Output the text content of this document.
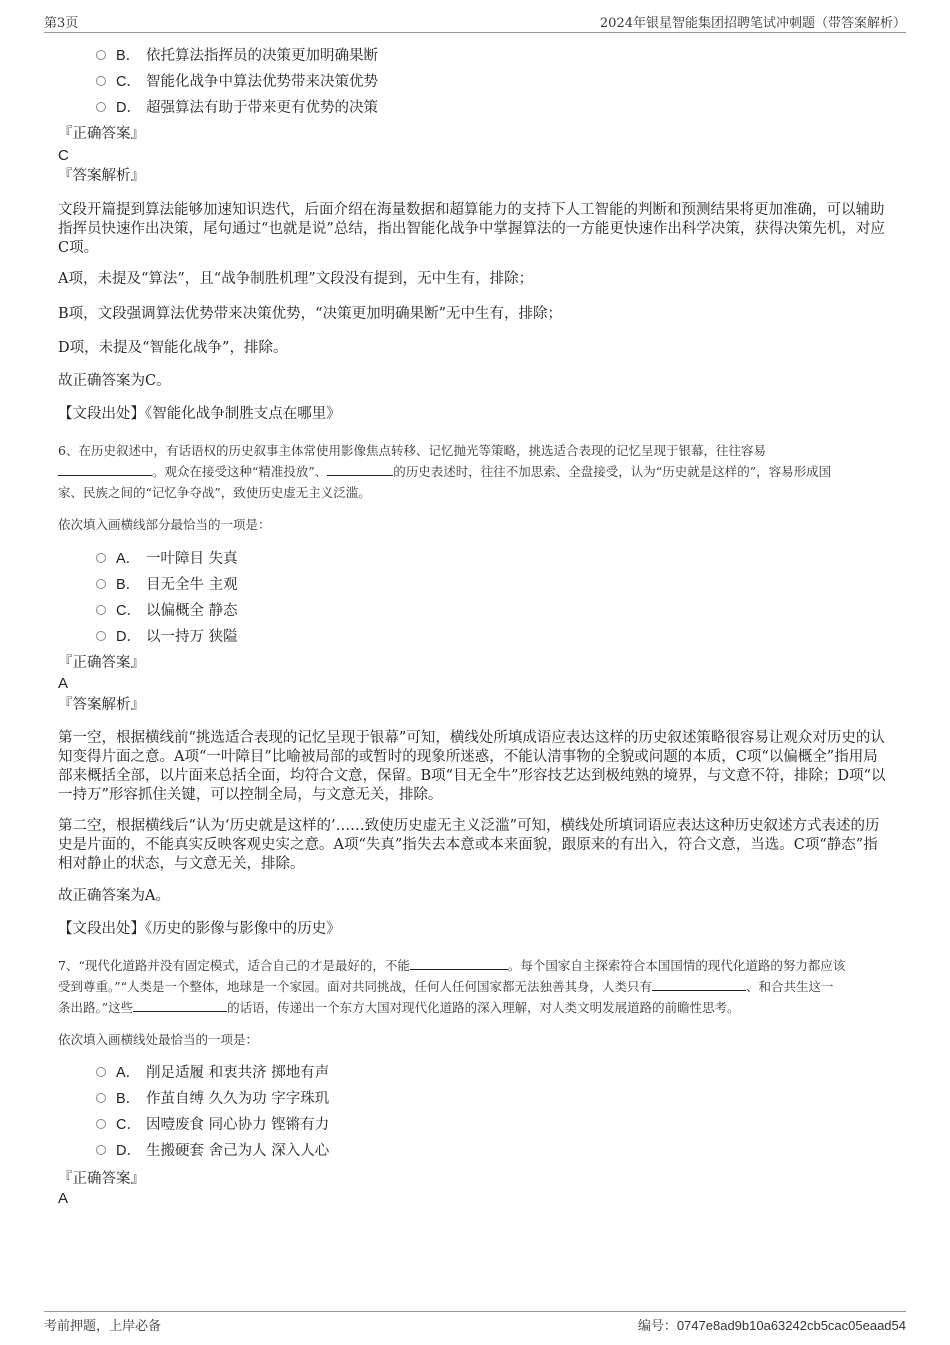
第3页	2024年银星智能集团招聘笔试冲刺题（带答案解析）
B． 依托算法指挥员的决策更加明确果断
C． 智能化战争中算法优势带来决策优势
D． 超强算法有助于带来更有优势的决策
『正确答案』
C
『答案解析』
文段开篇提到算法能够加速知识迭代，后面介绍在海量数据和超算能力的支持下人工智能的判断和预测结果将更加准确，可以辅助指挥员快速作出决策，尾句通过“也就是说”总结，指出智能化战争中掌握算法的一方能更快速作出科学决策，获得决策先机，对应C项。
A项，未提及“算法”，且“战争制胜机理”文段没有提到，无中生有，排除；
B项，文段强调算法优势带来决策优势，“决策更加明确果断”无中生有，排除；
D项，未提及“智能化战争”，排除。
故正确答案为C。
【文段出处】《智能化战争制胜支点在哪里》
6、在历史叙述中，有话语权的历史叙事主体常使用影像焦点转移、记忆抛光等策略，挑选适合表现的记忆呈现于银幕，往往容易
。观众在接受这种“精准投放”、	的历史表述时，往往不加思索、全盘接受，认为“历史就是这样的”，容易形成国
家、民族之间的“记忆争夺战”，致使历史虚无主义泛滥。
依次填入画横线部分最恰当的一项是：
A． 一叶障目 失真
B． 目无全牛 主观
C． 以偏概全 静态
D． 以一持万 狭隘
『正确答案』
A
『答案解析』
第一空，根据横线前“挑选适合表现的记忆呈现于银幕”可知，横线处所填成语应表达这样的历史叙述策略很容易让观众对历史的认知变得片面之意。A项“一叶障目”比喻被局部的或暂时的现象所迷惑，不能认清事物的全貌或问题的本质，C项“以偏概全”指用局部来概括全部，以片面来总括全面，均符合文意，保留。B项“目无全牛”形容技艺达到极纯熟的境界，与文意不符，排除；D项“以一持万”形容抓住关键，可以控制全局，与文意无关，排除。
第二空，根据横线后“认为‘历史就是这样的’……致使历史虚无主义泛滥”可知，横线处所填词语应表达这种历史叙述方式表述的历史是片面的，不能真实反映客观史实之意。A项“失真”指失去本意或本来面貌，跟原来的有出入，符合文意，当选。C项“静态”指相对静止的状态，与文意无关，排除。
故正确答案为A。
【文段出处】《历史的影像与影像中的历史》
7、“现代化道路并没有固定模式，适合自己的才是最好的，不能	。每个国家自主探索符合本国国情的现代化道路的努力都应该
受到尊重。”“人类是一个整体，地球是一个家园。面对共同挑战，任何人任何国家都无法独善其身，人类只有	、和合共生这一
条出路。”这些	的话语，传递出一个东方大国对现代化道路的深入理解，对人类文明发展道路的前瞻性思考。
依次填入画横线处最恰当的一项是：
A． 削足适履 和衷共济 掷地有声
B． 作茧自缚 久久为功 字字珠玑
C． 因噎废食 同心协力 铿锵有力
D． 生搬硬套 舍己为人 深入人心
『正确答案』
A
考前押题，上岸必备	编号：0747e8ad9b10a63242cb5cac05eaad54
